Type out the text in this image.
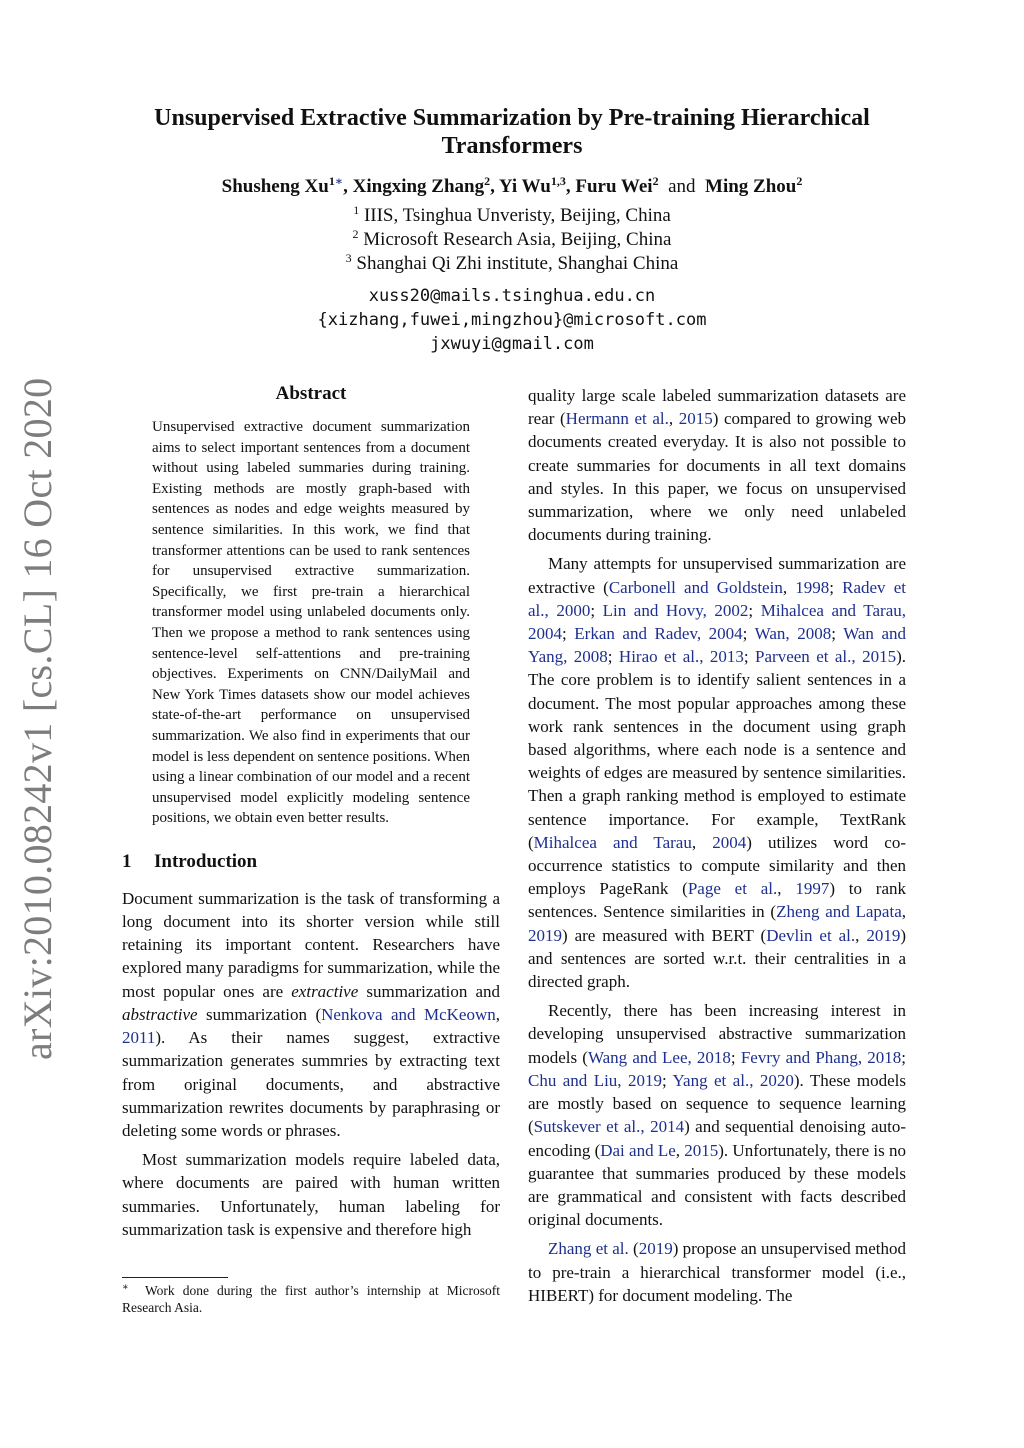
arXiv:2010.08242v1 [cs.CL] 16 Oct 2020
Unsupervised Extractive Summarization by Pre-training Hierarchical
Transformers
Shusheng $Xu^{1∗}$, Xingxing Zhang$^2$, Yi Wu$^{1,3}$, Furu Wei$^2$ and Ming Zhou$^2$
$^1$ IIIS, Tsinghua Unveristy, Beijing, China
$^2$ Microsoft Research Asia, Beijing, China
$^3$ Shanghai Qi Zhi institute, Shanghai China
xuss20@mails.tsinghua.edu.cn
{xizhang,fuwei,mingzhou}@microsoft.com
jxwuyi@gmail.com
Abstract

Unsupervised extractive document summarization aims to select important sentences from a document without using labeled summaries during training. Existing methods are mostly graph-based with sentences as nodes and edge weights measured by sentence similarities. In this work, we find that transformer attentions can be used to rank sentences for unsupervised extractive summarization. Specifically, we first pre-train a hierarchical transformer model using unlabeled documents only. Then we propose a method to rank sentences using sentence-level self-attentions and pre-training objectives. Experiments on CNN/DailyMail and New York Times datasets show our model achieves state-of-the-art performance on unsupervised summarization. We also find in experiments that our model is less dependent on sentence positions. When using a linear combination of our model and a recent unsupervised model explicitly modeling sentence positions, we obtain even better results.

1 Introduction

Document summarization is the task of transforming a long document into its shorter version while still retaining its important content. Researchers have explored many paradigms for summarization, while the most popular ones are extractive summarization and abstractive summarization (Nenkova and McKeown, 2011). As their names suggest, extractive summarization generates summries by extracting text from original documents, and abstractive summarization rewrites documents by paraphrasing or deleting some words or phrases.

Most summarization models require labeled data, where documents are paired with human written summaries. Unfortunately, human labeling for summarization task is expensive and therefore high

∗ Work done during the first author’s internship at Microsoft Research Asia.

quality large scale labeled summarization datasets are rear (Hermann et al., 2015) compared to growing web documents created everyday. It is also not possible to create summaries for documents in all text domains and styles. In this paper, we focus on unsupervised summarization, where we only need unlabeled documents during training.

Many attempts for unsupervised summarization are extractive (Carbonell and Goldstein, 1998; Radev et al., 2000; Lin and Hovy, 2002; Mihalcea and Tarau, 2004; Erkan and Radev, 2004; Wan, 2008; Wan and Yang, 2008; Hirao et al., 2013; Parveen et al., 2015). The core problem is to identify salient sentences in a document. The most popular approaches among these work rank sentences in the document using graph based algorithms, where each node is a sentence and weights of edges are measured by sentence similarities. Then a graph ranking method is employed to estimate sentence importance. For example, TextRank (Mihalcea and Tarau, 2004) utilizes word co-occurrence statistics to compute similarity and then employs PageRank (Page et al., 1997) to rank sentences. Sentence similarities in (Zheng and Lapata, 2019) are measured with BERT (Devlin et al., 2019) and sentences are sorted w.r.t. their centralities in a directed graph.

Recently, there has been increasing interest in developing unsupervised abstractive summarization models (Wang and Lee, 2018; Fevry and Phang, 2018; Chu and Liu, 2019; Yang et al., 2020). These models are mostly based on sequence to sequence learning (Sutskever et al., 2014) and sequential denoising auto-encoding (Dai and Le, 2015). Unfortunately, there is no guarantee that summaries produced by these models are grammatical and consistent with facts described original documents.

Zhang et al. (2019) propose an unsupervised method to pre-train a hierarchical transformer model (i.e., HIBERT) for document modeling. The
